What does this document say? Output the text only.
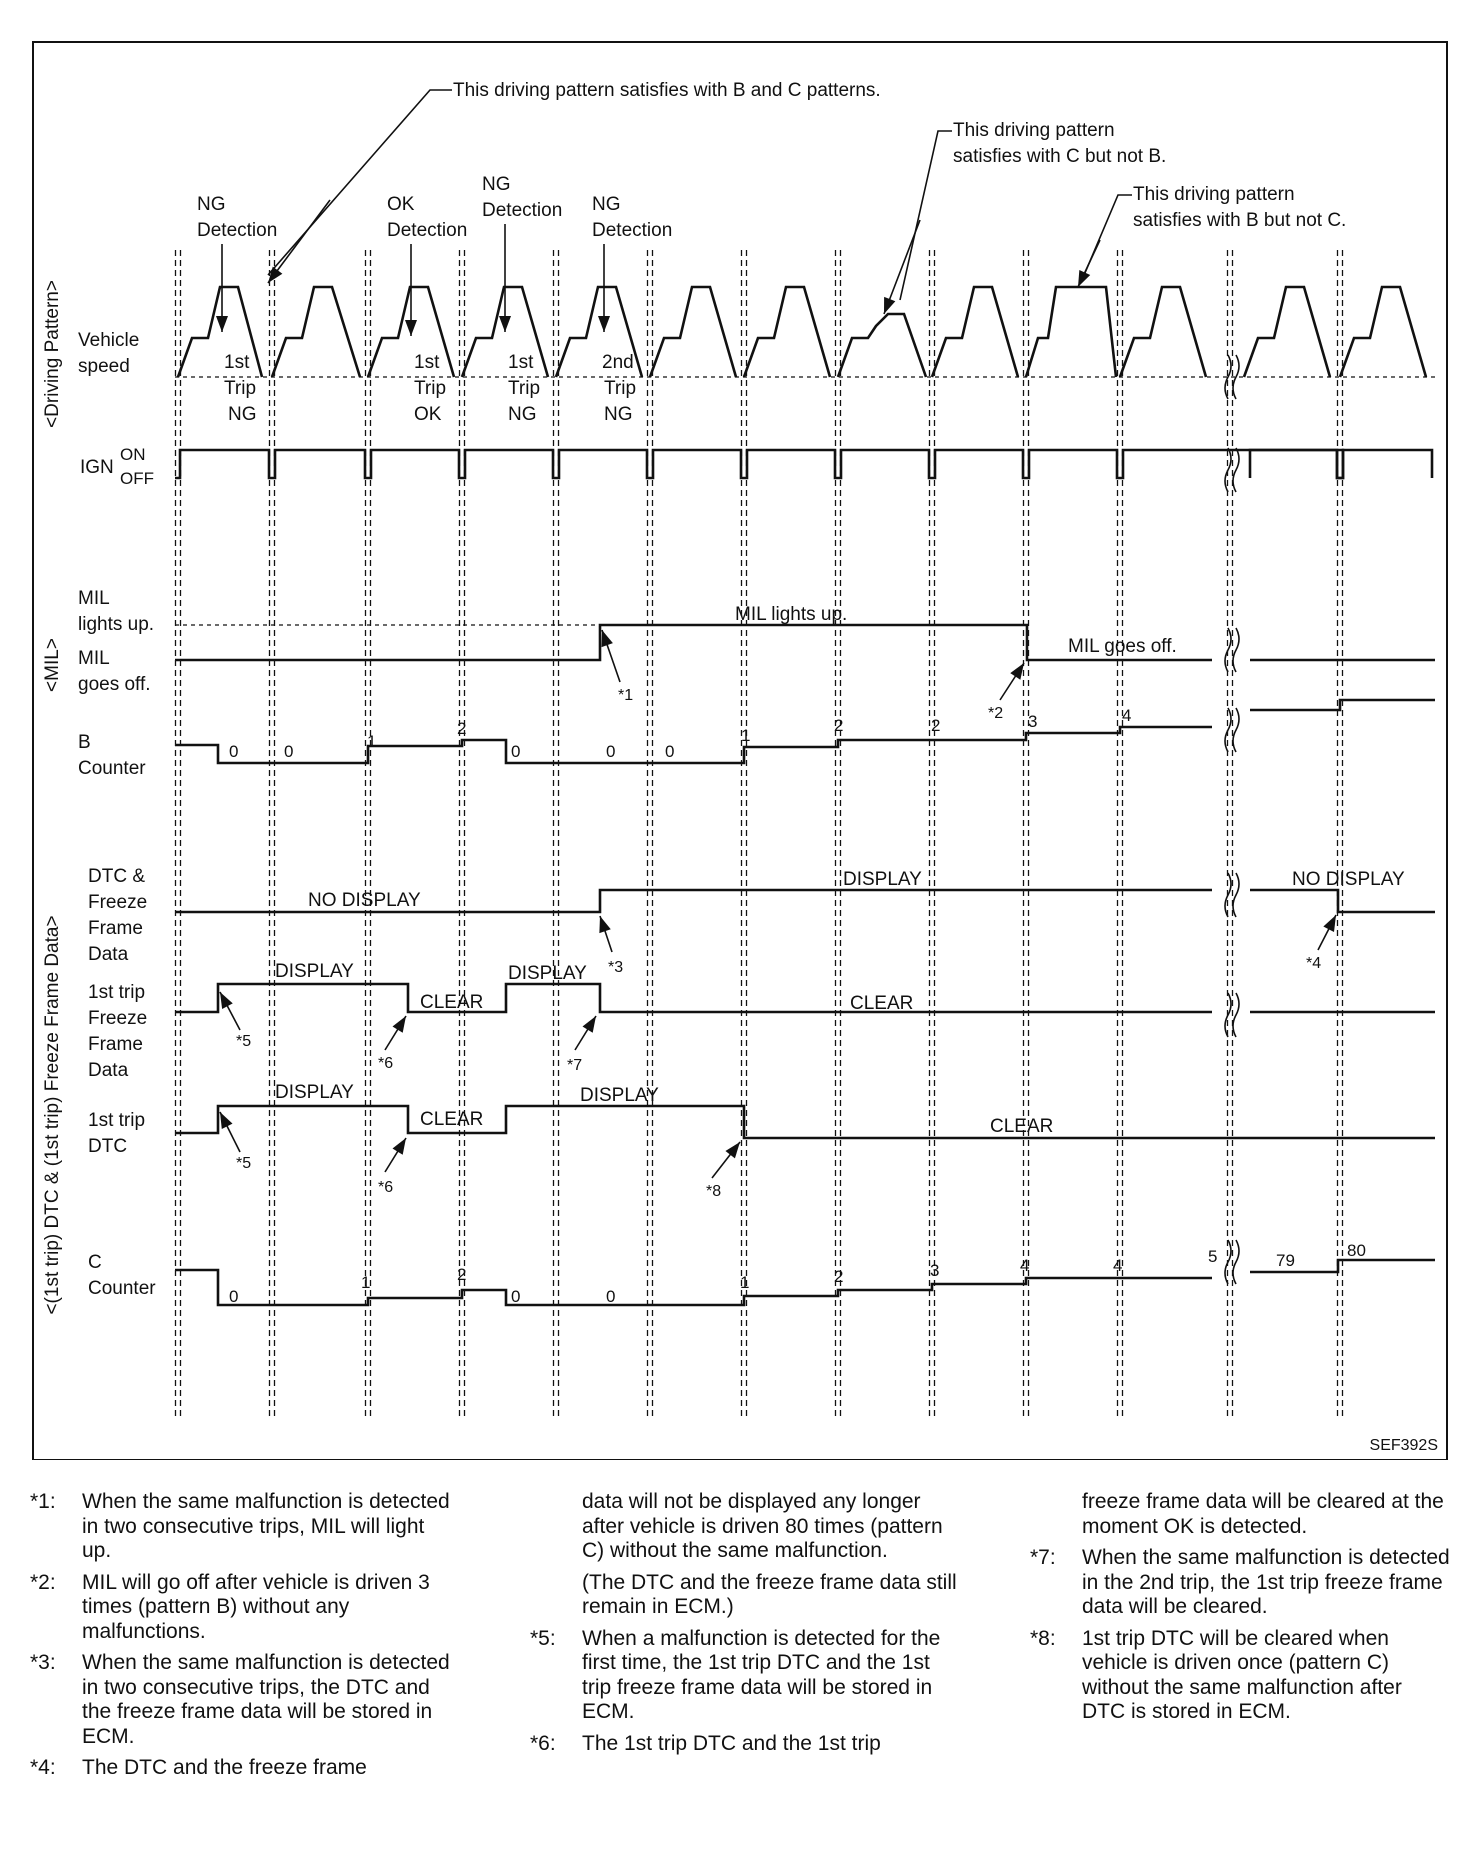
This driving pattern satisfies with B and C patterns.
This driving pattern
satisfies with C but not B.
This driving pattern
satisfies with B but not C.
NG
Detection
OK
Detection
NG
Detection NG
Detection
<Driving Pattern>
<MIL>
<(1st trip) DTC & (1st trip) Freeze Frame Data>
Vehicle
speed
IGN
ON
OFF
MIL
lights up.
MIL
goes off.
B
Counter
DTC &
Freeze
Frame
Data
1st trip
Freeze
Frame
Data
1st trip
DTC
C
Counter
1st
Trip
NG
1st
Trip
OK
1st
Trip
NG
2nd
Trip
NG
MIL lights up.
MIL goes off.
NO DISPLAY
DISPLAY	NO DISPLAY
DISPLAY
CLEAR
DISPLAY
CLEAR
DISPLAY
CLEAR
DISPLAY
CLEAR
0	0
1
2
0	0	0
1
2	2	3	4
0
1	2
0	0
1	2	3	4	4	5	79
80
*1
*2
*3	*4
*5
*6	*7
*5
*6	*8
SEF392S
*1:	When the same malfunction is detected in two consecutive trips, MIL will light up.
*2:	MIL will go off after vehicle is driven 3 times (pattern B) without any malfunctions.
*3:	When the same malfunction is detected in two consecutive trips, the DTC and the freeze frame data will be stored in ECM.
*4:	The DTC and the freeze frame
data will not be displayed any longer after vehicle is driven 80 times (pattern C) without the same malfunction.
(The DTC and the freeze frame data still remain in ECM.)
*5:	When a malfunction is detected for the first time, the 1st trip DTC and the 1st trip freeze frame data will be stored in ECM.
*6:	The 1st trip DTC and the 1st trip
freeze frame data will be cleared at the moment OK is detected.
*7:	When the same malfunction is detected in the 2nd trip, the 1st trip freeze frame data will be cleared.
*8:	1st trip DTC will be cleared when vehicle is driven once (pattern C) without the same malfunction after DTC is stored in ECM.
